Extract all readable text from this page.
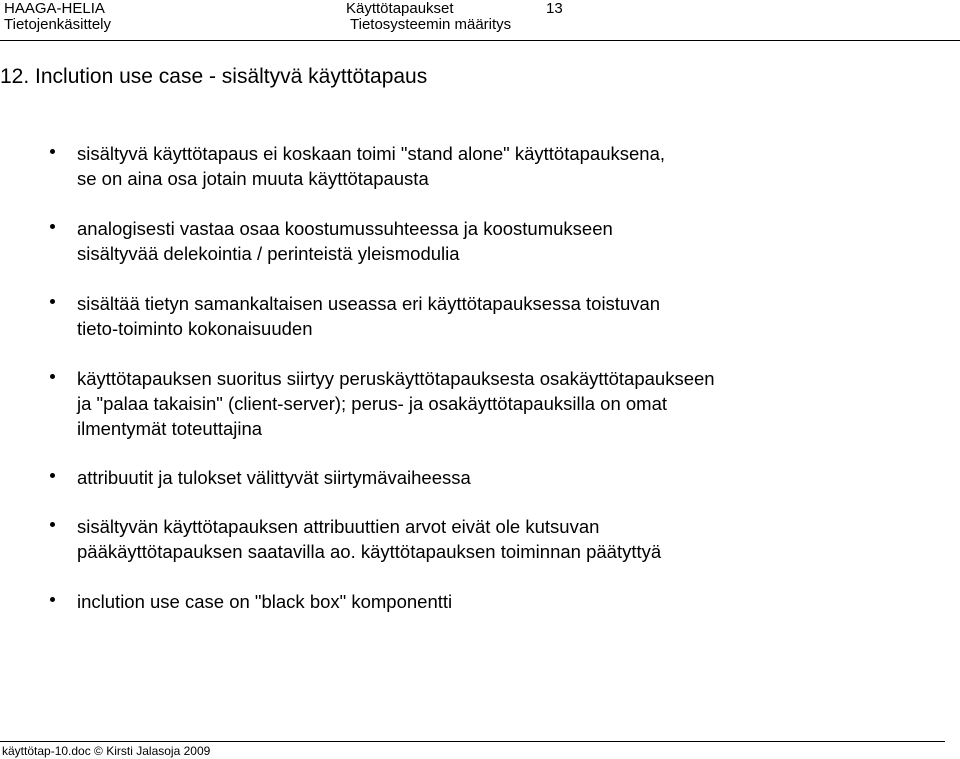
HAAGA-HELIA
Tietojenkäsittely
Käyttötapaukset
Tietosysteemin määritys
13
12. Inclution use case - sisältyvä käyttötapaus
sisältyvä käyttötapaus ei koskaan toimi "stand alone" käyttötapauksena,
se on aina osa jotain muuta käyttötapausta
analogisesti vastaa osaa koostumussuhteessa ja koostumukseen
sisältyvää delekointia / perinteistä yleismodulia
sisältää tietyn samankaltaisen useassa eri käyttötapauksessa toistuvan
tieto-toiminto kokonaisuuden
käyttötapauksen suoritus siirtyy peruskäyttötapauksesta osakäyttötapaukseen
ja "palaa takaisin" (client-server); perus- ja osakäyttötapauksilla on omat
ilmentymät toteuttajina
attribuutit ja tulokset välittyvät siirtymävaiheessa
sisältyvän käyttötapauksen attribuuttien arvot eivät ole kutsuvan
pääkäyttötapauksen saatavilla ao. käyttötapauksen toiminnan päätyttyä
inclution use case on "black box" komponentti
käyttötap-10.doc © Kirsti Jalasoja 2009
